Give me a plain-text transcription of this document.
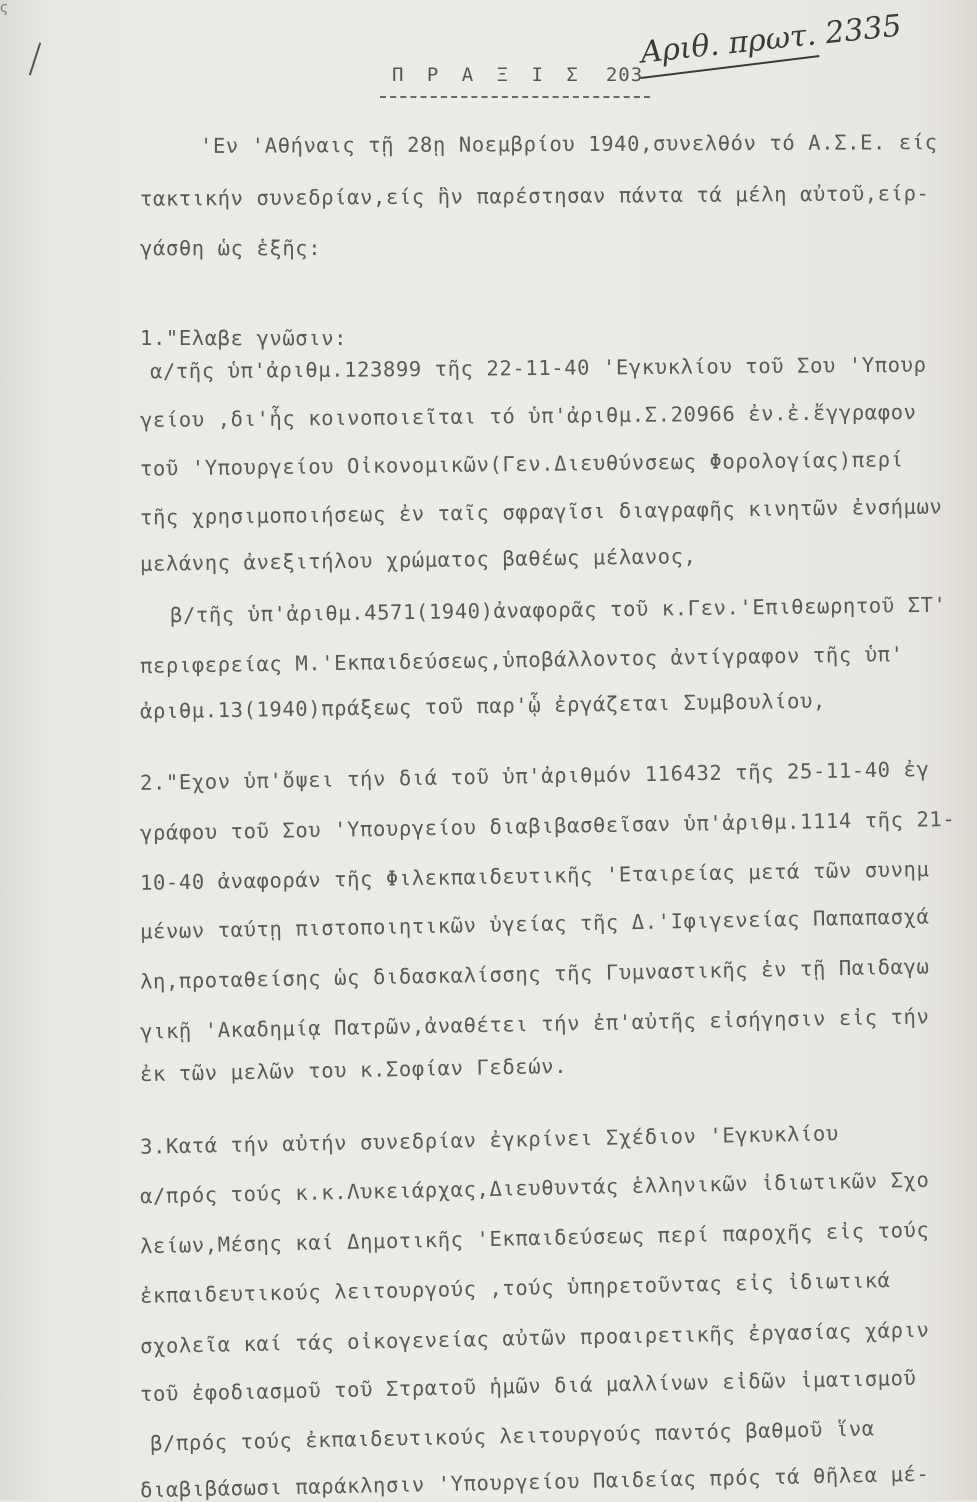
ς
Αριθ. πρωτ. 2335
Π Ρ Α Ξ Ι Σ 203
'Εν 'Αθήναις τῇ 28ῃ Νοεμβρίου 1940,συνελθόν τό Α.Σ.Ε. είς
τακτικήν συνεδρίαν,είς ἣν παρέστησαν πάντα τά μέλη αὐτοῦ,είρ-
γάσθη ὡς ἑξῆς:
1."Ελαβε γνῶσιν:
α/τῆς ὑπ'ἀριθμ.123899 τῆς 22-11-40 'Εγκυκλίου τοῦ Σου 'Υπουρ
γείου ,δι'ἧς κοινοποιεῖται τό ὑπ'ἀριθμ.Σ.20966 ἐν.ἐ.ἔγγραφον
τοῦ 'Υπουργείου Οἰκονομικῶν(Γεν.Διευθύνσεως Φορολογίας)περί
τῆς χρησιμοποιήσεως ἐν ταῖς σφραγῖσι διαγραφῆς κινητῶν ἐνσήμων
μελάνης ἀνεξιτήλου χρώματος βαθέως μέλανος,
β/τῆς ὑπ'ἀριθμ.4571(1940)ἀναφορᾶς τοῦ κ.Γεν.'Επιθεωρητοῦ ΣΤ'
περιφερείας Μ.'Εκπαιδεύσεως,ὑποβάλλοντος ἀντίγραφον τῆς ὑπ'
ἀριθμ.13(1940)πράξεως τοῦ παρ'ᾧ ἐργάζεται Συμβουλίου,
2."Εχον ὑπ'ὄψει τήν διά τοῦ ὑπ'ἀριθμόν 116432 τῆς 25-11-40 ἐγ
γράφου τοῦ Σου 'Υπουργείου διαβιβασθεῖσαν ὑπ'ἀριθμ.1114 τῆς 21-
10-40 ἀναφοράν τῆς Φιλεκπαιδευτικῆς 'Εταιρείας μετά τῶν συνημ
μένων ταύτῃ πιστοποιητικῶν ὑγείας τῆς Δ.'Ιφιγενείας Παπαπασχά
λη,προταθείσης ὡς διδασκαλίσσης τῆς Γυμναστικῆς ἐν τῇ Παιδαγω
γικῇ 'Ακαδημίᾳ Πατρῶν,ἀναθέτει τήν ἐπ'αὐτῆς εἰσήγησιν εἰς τήν
ἐκ τῶν μελῶν του κ.Σοφίαν Γεδεών.
3.Κατά τήν αὐτήν συνεδρίαν ἐγκρίνει Σχέδιον 'Εγκυκλίου
α/πρός τούς κ.κ.Λυκειάρχας,Διευθυντάς ἑλληνικῶν ἰδιωτικῶν Σχο
λείων,Μέσης καί Δημοτικῆς 'Εκπαιδεύσεως περί παροχῆς εἰς τούς
ἐκπαιδευτικούς λειτουργούς ,τούς ὑπηρετοῦντας εἰς ἰδιωτικά
σχολεῖα καί τάς οἰκογενείας αὐτῶν προαιρετικῆς ἐργασίας χάριν
τοῦ ἐφοδιασμοῦ τοῦ Στρατοῦ ἡμῶν διά μαλλίνων εἰδῶν ἱματισμοῦ
β/πρός τούς ἐκπαιδευτικούς λειτουργούς παντός βαθμοῦ ἵνα
διαβιβάσωσι παράκλησιν 'Υπουργείου Παιδείας πρός τά θῆλεα μέ-
